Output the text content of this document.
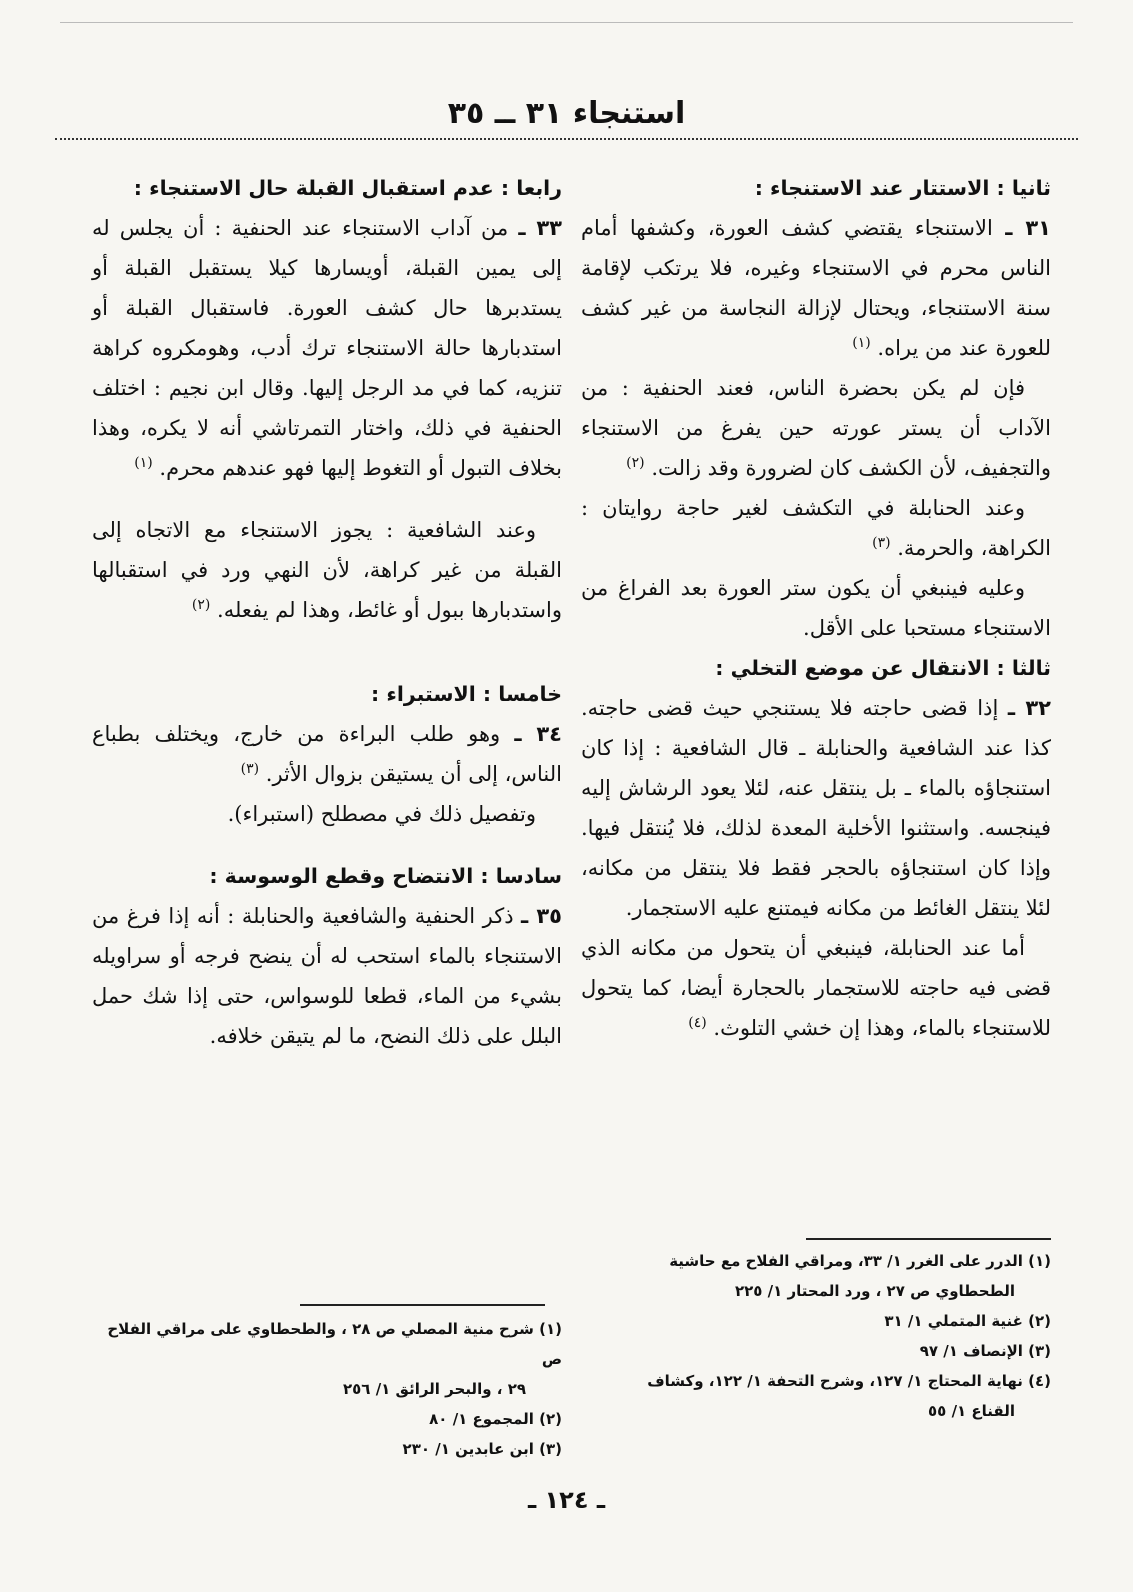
استنجاء ٣١ ــ ٣٥
ثانيا : الاستتار عند الاستنجاء :

٣١ ـ الاستنجاء يقتضي كشف العورة، وكشفها أمام الناس محرم في الاستنجاء وغيره، فلا يرتكب لإقامة سنة الاستنجاء، ويحتال لإزالة النجاسة من غير كشف للعورة عند من يراه. $^{(١)}$

فإن لم يكن بحضرة الناس، فعند الحنفية : من الآداب أن يستر عورته حين يفرغ من الاستنجاء والتجفيف، لأن الكشف كان لضرورة وقد زالت. $^{(٢)}$

وعند الحنابلة في التكشف لغير حاجة روايتان : الكراهة، والحرمة. $^{(٣)}$

وعليه فينبغي أن يكون ستر العورة بعد الفراغ من الاستنجاء مستحبا على الأقل.

ثالثا : الانتقال عن موضع التخلي :

٣٢ ـ إذا قضى حاجته فلا يستنجي حيث قضى حاجته. كذا عند الشافعية والحنابلة ـ قال الشافعية : إذا كان استنجاؤه بالماء ـ بل ينتقل عنه، لئلا يعود الرشاش إليه فينجسه. واستثنوا الأخلية المعدة لذلك، فلا يُنتقل فيها. وإذا كان استنجاؤه بالحجر فقط فلا ينتقل من مكانه، لئلا ينتقل الغائط من مكانه فيمتنع عليه الاستجمار.

أما عند الحنابلة، فينبغي أن يتحول من مكانه الذي قضى فيه حاجته للاستجمار بالحجارة أيضا، كما يتحول للاستنجاء بالماء، وهذا إن خشي التلوث. $^{(٤)}$

رابعا : عدم استقبال القبلة حال الاستنجاء :

٣٣ ـ من آداب الاستنجاء عند الحنفية : أن يجلس له إلى يمين القبلة، أويسارها كيلا يستقبل القبلة أو يستدبرها حال كشف العورة. فاستقبال القبلة أو استدبارها حالة الاستنجاء ترك أدب، وهومكروه كراهة تنزيه، كما في مد الرجل إليها. وقال ابن نجيم : اختلف الحنفية في ذلك، واختار التمرتاشي أنه لا يكره، وهذا بخلاف التبول أو التغوط إليها فهو عندهم محرم. $^{(١)}$

وعند الشافعية : يجوز الاستنجاء مع الاتجاه إلى القبلة من غير كراهة، لأن النهي ورد في استقبالها واستدبارها ببول أو غائط، وهذا لم يفعله. $^{(٢)}$

خامسا : الاستبراء :

٣٤ ـ وهو طلب البراءة من خارج، ويختلف بطباع الناس، إلى أن يستيقن بزوال الأثر. $^{(٣)}$

وتفصيل ذلك في مصطلح (استبراء).

سادسا : الانتضاح وقطع الوسوسة :

٣٥ ـ ذكر الحنفية والشافعية والحنابلة : أنه إذا فرغ من الاستنجاء بالماء استحب له أن ينضح فرجه أو سراويله بشيء من الماء، قطعا للوسواس، حتى إذا شك حمل البلل على ذلك النضح، ما لم يتيقن خلافه.

(١) الدرر على الغرر ١/ ٣٣، ومراقي الفلاح مع حاشية
الطحطاوي ص ٢٧ ، ورد المحتار ١/ ٢٢٥
(٢) غنية المتملي ١/ ٣١
(٣) الإنصاف ١/ ٩٧
(٤) نهاية المحتاج ١/ ١٢٧، وشرح التحفة ١/ ١٢٢، وكشاف
القناع ١/ ٥٥
(١) شرح منية المصلي ص ٢٨ ، والطحطاوي على مراقي الفلاح ص
٢٩ ، والبحر الرائق ١/ ٢٥٦
(٢) المجموع ١/ ٨٠
(٣) ابن عابدين ١/ ٢٣٠
ـ ١٢٤ ـ
